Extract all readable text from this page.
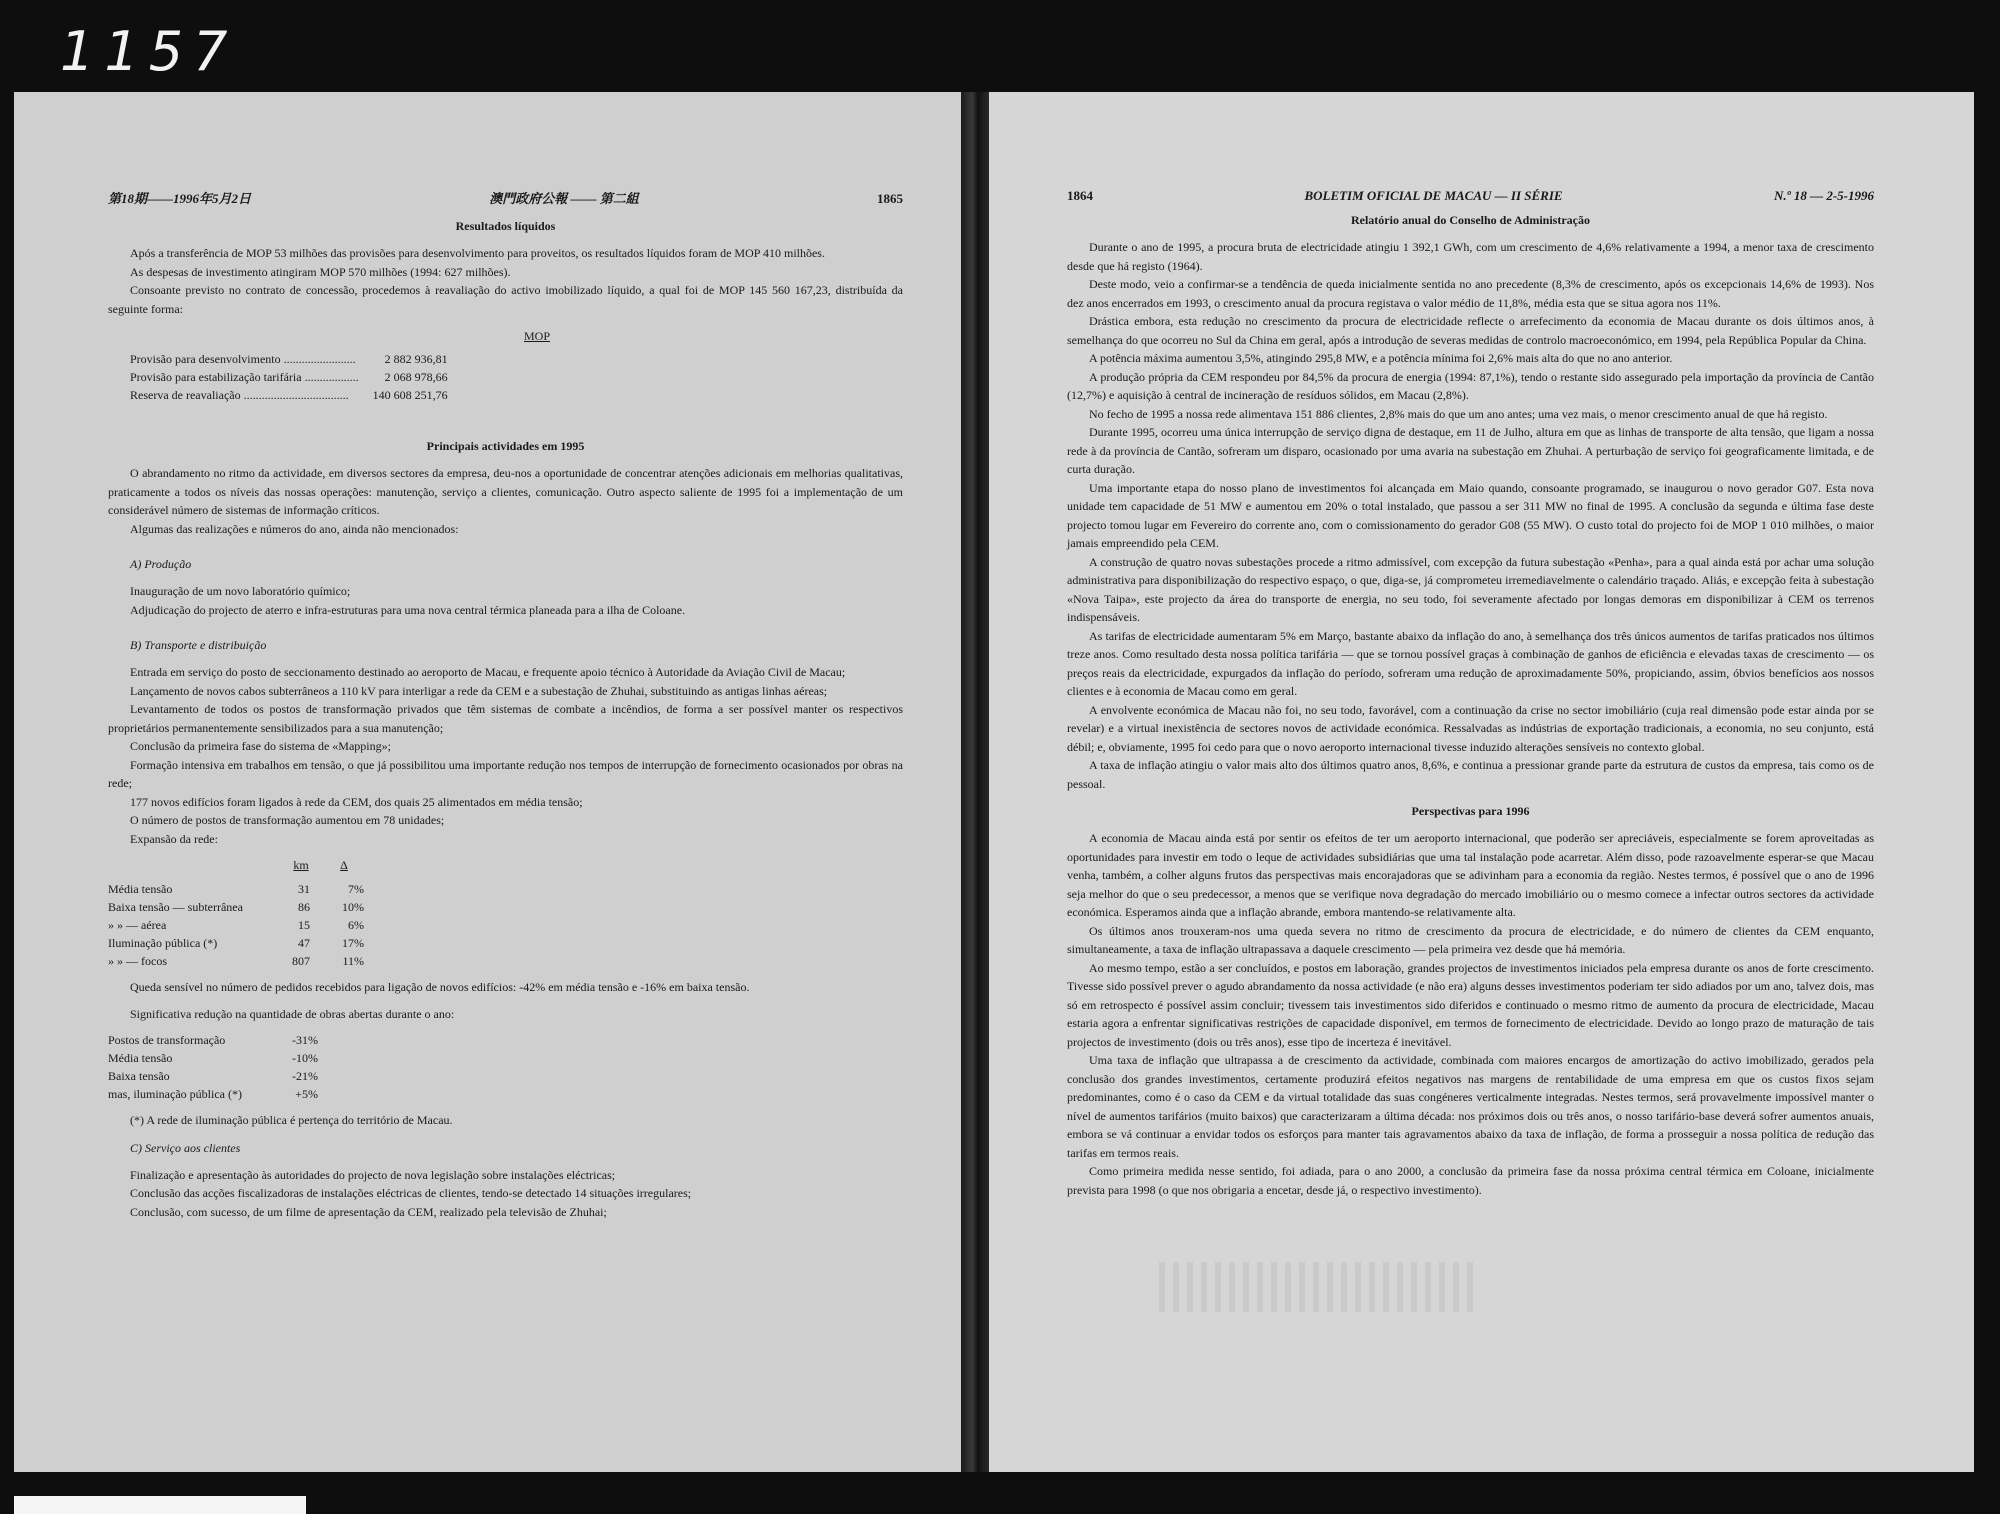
1157
第18期——1996年5月2日	澳門政府公報 —— 第二組	1865
Resultados líquidos

Após a transferência de MOP 53 milhões das provisões para desenvolvimento para proveitos, os resultados líquidos foram de MOP 410 milhões.

As despesas de investimento atingiram MOP 570 milhões (1994: 627 milhões).

Consoante previsto no contrato de concessão, procedemos à reavaliação do activo imobilizado líquido, a qual foi de MOP 145 560 167,23, distribuída da seguinte forma:

MOP
Provisão para desenvolvimento ........................	2 882 936,81
Provisão para estabilização tarifária ..................	2 068 978,66
Reserva de reavaliação ...................................	140 608 251,76
Principais actividades em 1995

O abrandamento no ritmo da actividade, em diversos sectores da empresa, deu-nos a oportunidade de concentrar atenções adicionais em melhorias qualitativas, praticamente a todos os níveis das nossas operações: manutenção, serviço a clientes, comunicação. Outro aspecto saliente de 1995 foi a implementação de um considerável número de sistemas de informação críticos.

Algumas das realizações e números do ano, ainda não mencionados:

A) Produção

Inauguração de um novo laboratório químico;

Adjudicação do projecto de aterro e infra-estruturas para uma nova central térmica planeada para a ilha de Coloane.

B) Transporte e distribuição

Entrada em serviço do posto de seccionamento destinado ao aeroporto de Macau, e frequente apoio técnico à Autoridade da Aviação Civil de Macau;

Lançamento de novos cabos subterrâneos a 110 kV para interligar a rede da CEM e a subestação de Zhuhai, substituindo as antigas linhas aéreas;

Levantamento de todos os postos de transformação privados que têm sistemas de combate a incêndios, de forma a ser possível manter os respectivos proprietários permanentemente sensibilizados para a sua manutenção;

Conclusão da primeira fase do sistema de «Mapping»;

Formação intensiva em trabalhos em tensão, o que já possibilitou uma importante redução nos tempos de interrupção de fornecimento ocasionados por obras na rede;

177 novos edifícios foram ligados à rede da CEM, dos quais 25 alimentados em média tensão;

O número de postos de transformação aumentou em 78 unidades;

Expansão da rede:

	km	Δ
Média tensão	31	7%
Baixa tensão — subterrânea	86	10%
» » — aérea	15	6%
Iluminação pública (*)	47	17%
» » — focos	807	11%

Queda sensível no número de pedidos recebidos para ligação de novos edifícios: -42% em média tensão e -16% em baixa tensão.

Significativa redução na quantidade de obras abertas durante o ano:

Postos de transformação	-31%
Média tensão	-10%
Baixa tensão	-21%
mas, iluminação pública (*)	+5%

(*) A rede de iluminação pública é pertença do território de Macau.

C) Serviço aos clientes

Finalização e apresentação às autoridades do projecto de nova legislação sobre instalações eléctricas;

Conclusão das acções fiscalizadoras de instalações eléctricas de clientes, tendo-se detectado 14 situações irregulares;

Conclusão, com sucesso, de um filme de apresentação da CEM, realizado pela televisão de Zhuhai;

1864	BOLETIM OFICIAL DE MACAU — II SÉRIE	N.º 18 — 2-5-1996
Relatório anual do Conselho de Administração

Durante o ano de 1995, a procura bruta de electricidade atingiu 1 392,1 GWh, com um crescimento de 4,6% relativamente a 1994, a menor taxa de crescimento desde que há registo (1964).

Deste modo, veio a confirmar-se a tendência de queda inicialmente sentida no ano precedente (8,3% de crescimento, após os excepcionais 14,6% de 1993). Nos dez anos encerrados em 1993, o crescimento anual da procura registava o valor médio de 11,8%, média esta que se situa agora nos 11%.

Drástica embora, esta redução no crescimento da procura de electricidade reflecte o arrefecimento da economia de Macau durante os dois últimos anos, à semelhança do que ocorreu no Sul da China em geral, após a introdução de severas medidas de controlo macroeconómico, em 1994, pela República Popular da China.

A potência máxima aumentou 3,5%, atingindo 295,8 MW, e a potência mínima foi 2,6% mais alta do que no ano anterior.

A produção própria da CEM respondeu por 84,5% da procura de energia (1994: 87,1%), tendo o restante sido assegurado pela importação da província de Cantão (12,7%) e aquisição à central de incineração de resíduos sólidos, em Macau (2,8%).

No fecho de 1995 a nossa rede alimentava 151 886 clientes, 2,8% mais do que um ano antes; uma vez mais, o menor crescimento anual de que há registo.

Durante 1995, ocorreu uma única interrupção de serviço digna de destaque, em 11 de Julho, altura em que as linhas de transporte de alta tensão, que ligam a nossa rede à da província de Cantão, sofreram um disparo, ocasionado por uma avaria na subestação em Zhuhai. A perturbação de serviço foi geograficamente limitada, e de curta duração.

Uma importante etapa do nosso plano de investimentos foi alcançada em Maio quando, consoante programado, se inaugurou o novo gerador G07. Esta nova unidade tem capacidade de 51 MW e aumentou em 20% o total instalado, que passou a ser 311 MW no final de 1995. A conclusão da segunda e última fase deste projecto tomou lugar em Fevereiro do corrente ano, com o comissionamento do gerador G08 (55 MW). O custo total do projecto foi de MOP 1 010 milhões, o maior jamais empreendido pela CEM.

A construção de quatro novas subestações procede a ritmo admissível, com excepção da futura subestação «Penha», para a qual ainda está por achar uma solução administrativa para disponibilização do respectivo espaço, o que, diga-se, já comprometeu irremediavelmente o calendário traçado. Aliás, e excepção feita à subestação «Nova Taipa», este projecto da área do transporte de energia, no seu todo, foi severamente afectado por longas demoras em disponibilizar à CEM os terrenos indispensáveis.

As tarifas de electricidade aumentaram 5% em Março, bastante abaixo da inflação do ano, à semelhança dos três únicos aumentos de tarifas praticados nos últimos treze anos. Como resultado desta nossa política tarifária — que se tornou possível graças à combinação de ganhos de eficiência e elevadas taxas de crescimento — os preços reais da electricidade, expurgados da inflação do período, sofreram uma redução de aproximadamente 50%, propiciando, assim, óbvios benefícios aos nossos clientes e à economia de Macau como em geral.

A envolvente económica de Macau não foi, no seu todo, favorável, com a continuação da crise no sector imobiliário (cuja real dimensão pode estar ainda por se revelar) e a virtual inexistência de sectores novos de actividade económica. Ressalvadas as indústrias de exportação tradicionais, a economia, no seu conjunto, está débil; e, obviamente, 1995 foi cedo para que o novo aeroporto internacional tivesse induzido alterações sensíveis no contexto global.

A taxa de inflação atingiu o valor mais alto dos últimos quatro anos, 8,6%, e continua a pressionar grande parte da estrutura de custos da empresa, tais como os de pessoal.

Perspectivas para 1996

A economia de Macau ainda está por sentir os efeitos de ter um aeroporto internacional, que poderão ser apreciáveis, especialmente se forem aproveitadas as oportunidades para investir em todo o leque de actividades subsidiárias que uma tal instalação pode acarretar. Além disso, pode razoavelmente esperar-se que Macau venha, também, a colher alguns frutos das perspectivas mais encorajadoras que se adivinham para a economia da região. Nestes termos, é possível que o ano de 1996 seja melhor do que o seu predecessor, a menos que se verifique nova degradação do mercado imobiliário ou o mesmo comece a infectar outros sectores da actividade económica. Esperamos ainda que a inflação abrande, embora mantendo-se relativamente alta.

Os últimos anos trouxeram-nos uma queda severa no ritmo de crescimento da procura de electricidade, e do número de clientes da CEM enquanto, simultaneamente, a taxa de inflação ultrapassava a daquele crescimento — pela primeira vez desde que há memória.

Ao mesmo tempo, estão a ser concluídos, e postos em laboração, grandes projectos de investimentos iniciados pela empresa durante os anos de forte crescimento. Tivesse sido possível prever o agudo abrandamento da nossa actividade (e não era) alguns desses investimentos poderiam ter sido adiados por um ano, talvez dois, mas só em retrospecto é possível assim concluir; tivessem tais investimentos sido diferidos e continuado o mesmo ritmo de aumento da procura de electricidade, Macau estaria agora a enfrentar significativas restrições de capacidade disponível, em termos de fornecimento de electricidade. Devido ao longo prazo de maturação de tais projectos de investimento (dois ou três anos), esse tipo de incerteza é inevitável.

Uma taxa de inflação que ultrapassa a de crescimento da actividade, combinada com maiores encargos de amortização do activo imobilizado, gerados pela conclusão dos grandes investimentos, certamente produzirá efeitos negativos nas margens de rentabilidade de uma empresa em que os custos fixos sejam predominantes, como é o caso da CEM e da virtual totalidade das suas congéneres verticalmente integradas. Nestes termos, será provavelmente impossível manter o nível de aumentos tarifários (muito baixos) que caracterizaram a última década: nos próximos dois ou três anos, o nosso tarifário-base deverá sofrer aumentos anuais, embora se vá continuar a envidar todos os esforços para manter tais agravamentos abaixo da taxa de inflação, de forma a prosseguir a nossa política de redução das tarifas em termos reais.

Como primeira medida nesse sentido, foi adiada, para o ano 2000, a conclusão da primeira fase da nossa próxima central térmica em Coloane, inicialmente prevista para 1998 (o que nos obrigaria a encetar, desde já, o respectivo investimento).
